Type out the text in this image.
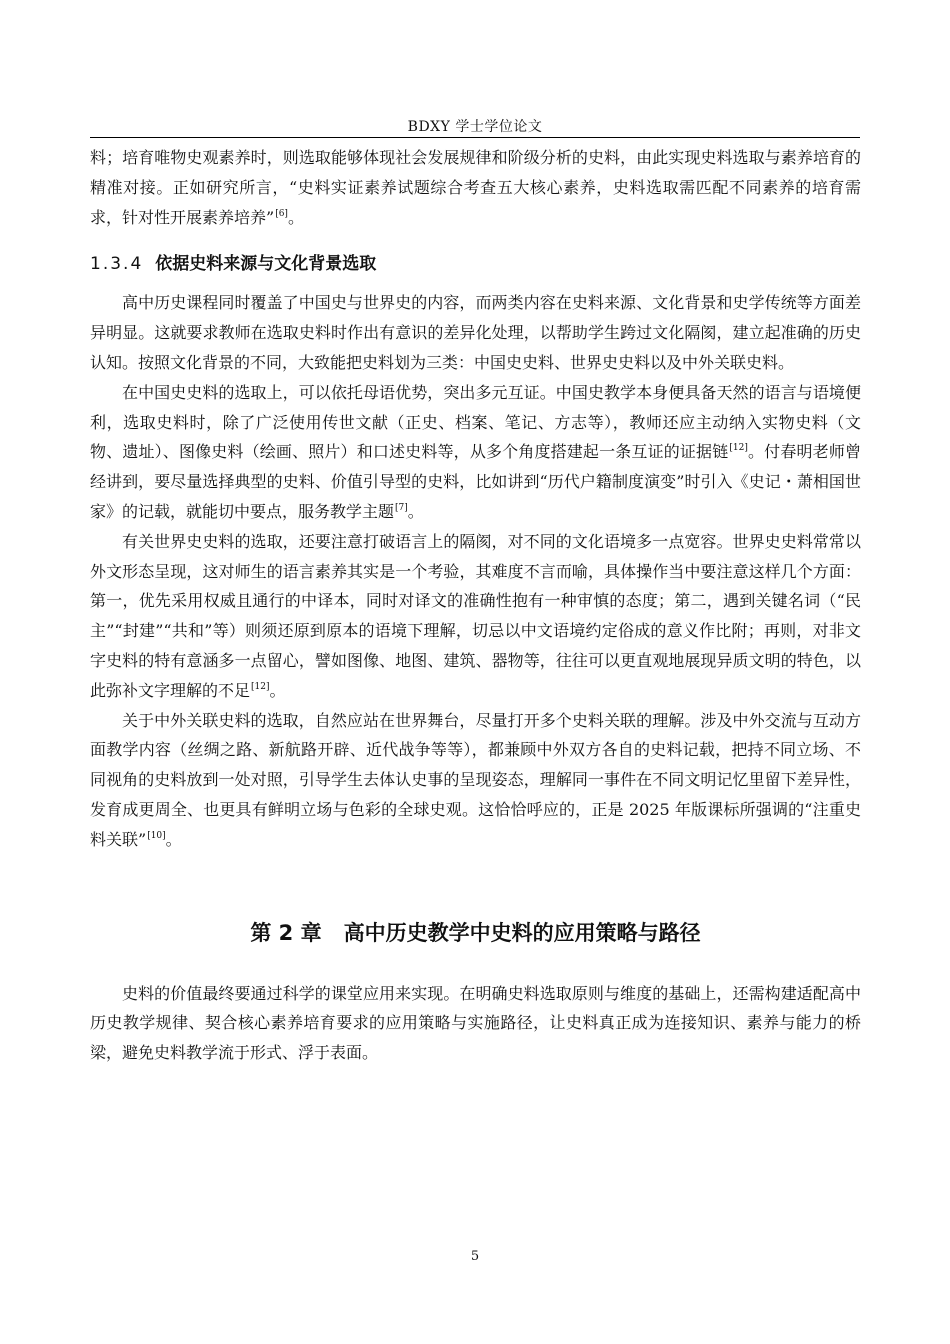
BDXY 学士学位论文

料；培育唯物史观素养时，则选取能够体现社会发展规律和阶级分析的史料，由此实现史料选取与素养培育的精准对接。正如研究所言，“史料实证素养试题综合考查五大核心素养，史料选取需匹配不同素养的培育需求，针对性开展素养培养”[6]。

1.3.4 依据史料来源与文化背景选取

高中历史课程同时覆盖了中国史与世界史的内容，而两类内容在史料来源、文化背景和史学传统等方面差异明显。这就要求教师在选取史料时作出有意识的差异化处理，以帮助学生跨过文化隔阂，建立起准确的历史认知。按照文化背景的不同，大致能把史料划为三类：中国史史料、世界史史料以及中外关联史料。

在中国史史料的选取上，可以依托母语优势，突出多元互证。中国史教学本身便具备天然的语言与语境便利，选取史料时，除了广泛使用传世文献（正史、档案、笔记、方志等），教师还应主动纳入实物史料（文物、遗址）、图像史料（绘画、照片）和口述史料等，从多个角度搭建起一条互证的证据链[12]。付春明老师曾经讲到，要尽量选择典型的史料、价值引导型的史料，比如讲到“历代户籍制度演变”时引入《史记・萧相国世家》的记载，就能切中要点，服务教学主题[7]。

有关世界史史料的选取，还要注意打破语言上的隔阂，对不同的文化语境多一点宽容。世界史史料常常以外文形态呈现，这对师生的语言素养其实是一个考验，其难度不言而喻，具体操作当中要注意这样几个方面：第一，优先采用权威且通行的中译本，同时对译文的准确性抱有一种审慎的态度；第二，遇到关键名词（“民主”“封建”“共和”等）则须还原到原本的语境下理解，切忌以中文语境约定俗成的意义作比附；再则，对非文字史料的特有意涵多一点留心，譬如图像、地图、建筑、器物等，往往可以更直观地展现异质文明的特色，以此弥补文字理解的不足[12]。

关于中外关联史料的选取，自然应站在世界舞台，尽量打开多个史料关联的理解。涉及中外交流与互动方面教学内容（丝绸之路、新航路开辟、近代战争等等），都兼顾中外双方各自的史料记载，把持不同立场、不同视角的史料放到一处对照，引导学生去体认史事的呈现姿态，理解同一事件在不同文明记忆里留下差异性，发育成更周全、也更具有鲜明立场与色彩的全球史观。这恰恰呼应的，正是 2025 年版课标所强调的“注重史料关联”[10]。

第 2 章 高中历史教学中史料的应用策略与路径

史料的价值最终要通过科学的课堂应用来实现。在明确史料选取原则与维度的基础上，还需构建适配高中历史教学规律、契合核心素养培育要求的应用策略与实施路径，让史料真正成为连接知识、素养与能力的桥梁，避免史料教学流于形式、浮于表面。

5
